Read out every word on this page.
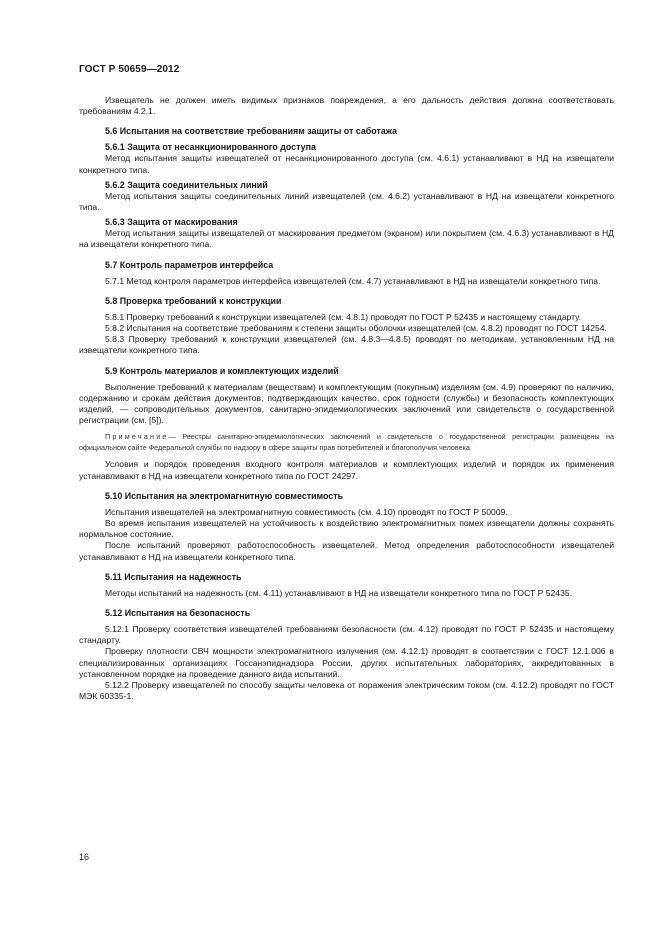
ГОСТ Р 50659—2012

Извещатель не должен иметь видимых признаков повреждения, а его дальность действия должна соответствовать требованиям 4.2.1.

5.6 Испытания на соответствие требованиям защиты от саботажа
5.6.1 Защита от несанкционированного доступа

Метод испытания защиты извещателей от несанкционированного доступа (см. 4.6.1) устанавливают в НД на извещатели конкретного типа.

5.6.2 Защита соединительных линий

Метод испытания защиты соединительных линий извещателей (см. 4.6.2) устанавливают в НД на извещатели конкретного типа.

5.6.3 Защита от маскирования

Метод испытания защиты извещателей от маскирования предметом (экраном) или покрытием (см. 4.6.3) устанавливают в НД на извещатели конкретного типа.

5.7 Контроль параметров интерфейса

5.7.1 Метод контроля параметров интерфейса извещателей (см. 4.7) устанавливают в НД на извещатели конкретного типа.

5.8 Проверка требований к конструкции

5.8.1 Проверку требований к конструкции извещателей (см. 4.8.1) проводят по ГОСТ Р 52435 и настоящему стандарту.

5.8.2 Испытания на соответствие требованиям к степени защиты оболочки извещателей (см. 4.8.2) проводят по ГОСТ 14254.

5.8.3 Проверку требований к конструкции извещателей (см. 4.8.3—4.8.5) проводят по методикам, установленным НД на извещатели конкретного типа.

5.9 Контроль материалов и комплектующих изделий

Выполнение требований к материалам (веществам) и комплектующим (покупным) изделиям (см. 4.9) проверяют по наличию, содержанию и срокам действия документов, подтверждающих качество, срок годности (службы) и безопасность комплектующих изделий, — сопроводительных документов, санитарно-эпидемиологических заключений или свидетельств о государственной регистрации (см. [5]).

Примечание— Реестры санитарно-эпидемиологических заключений и свидетельств о государственной регистрации размещены на официальном сайте Федеральной службы по надзору в сфере защиты прав потребителей и благополучия человека.

Условия и порядок проведения входного контроля материалов и комплектующих изделий и порядок их применения устанавливают в НД на извещатели конкретного типа по ГОСТ 24297.

5.10 Испытания на электромагнитную совместимость

Испытания извещателей на электромагнитную совместимость (см. 4.10) проводят по ГОСТ Р 50009.

Во время испытания извещателей на устойчивость к воздействию электромагнитных помех извещатели должны сохранять нормальное состояние.

После испытаний проверяют работоспособность извещателей. Метод определения работоспособности извещателей устанавливают в НД на извещатели конкретного типа.

5.11 Испытания на надежность

Методы испытаний на надежность (см. 4.11) устанавливают в НД на извещатели конкретного типа по ГОСТ Р 52435.

5.12 Испытания на безопасность

5.12.1 Проверку соответствия извещателей требованиям безопасности (см. 4.12) проводят по ГОСТ Р 52435 и настоящему стандарту.

Проверку плотности СВЧ мощности электромагнитного излучения (см. 4.12.1) проводят в соответствии с ГОСТ 12.1.006 в специализированных организациях Госсанэпиднадзора России, других испытательных лабораториях, аккредитованных в установленном порядке на проведение данного вида испытаний.

5.12.2 Проверку извещателей по способу защиты человека от поражения электрическим током (см. 4.12.2) проводят по ГОСТ МЭК 60335-1.

16
